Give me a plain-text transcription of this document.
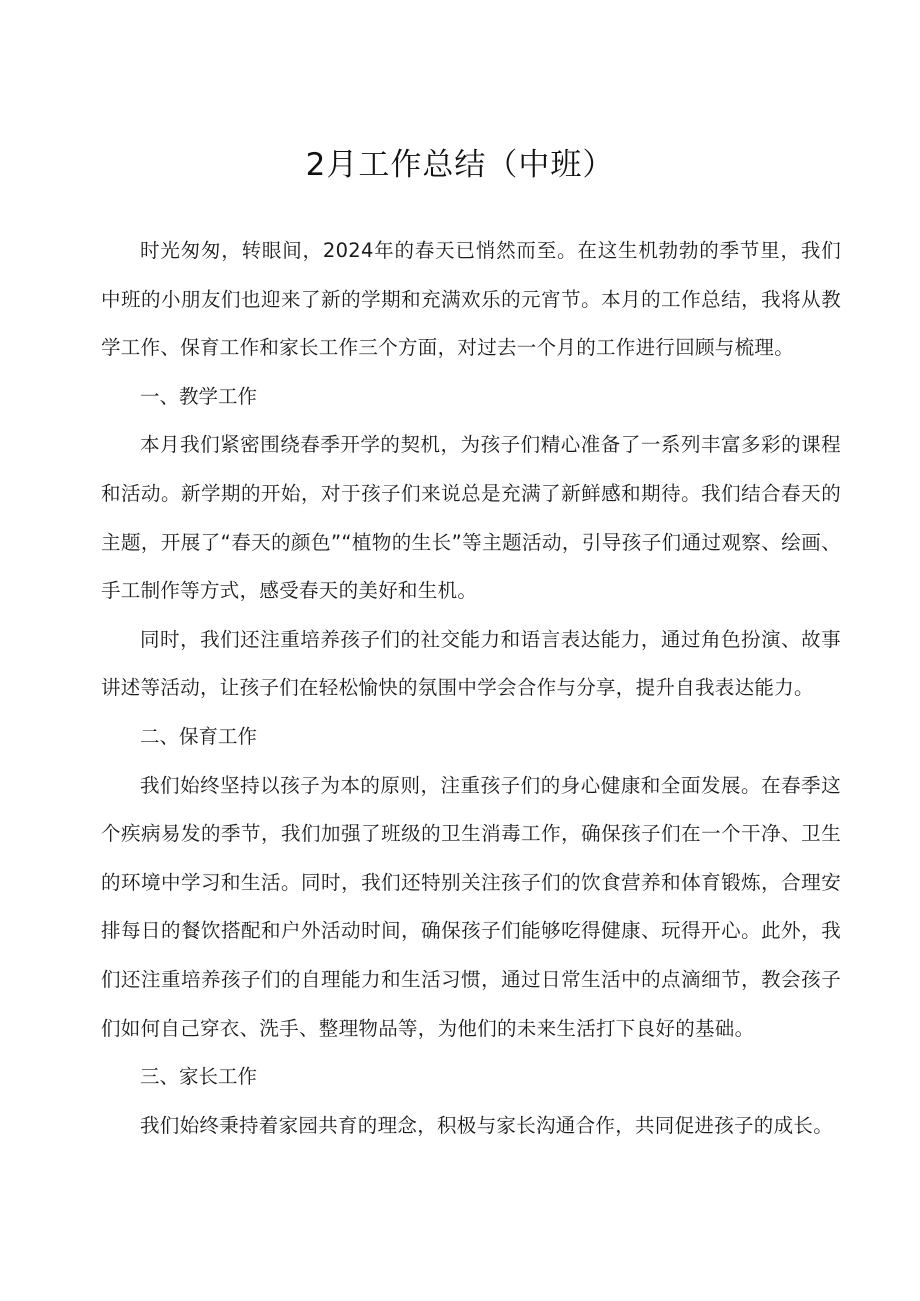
2月工作总结（中班）

时光匆匆，转眼间，2024年的春天已悄然而至。在这生机勃勃的季节里，我们中班的小朋友们也迎来了新的学期和充满欢乐的元宵节。本月的工作总结，我将从教学工作、保育工作和家长工作三个方面，对过去一个月的工作进行回顾与梳理。

一、教学工作

本月我们紧密围绕春季开学的契机，为孩子们精心准备了一系列丰富多彩的课程和活动。新学期的开始，对于孩子们来说总是充满了新鲜感和期待。我们结合春天的主题，开展了“春天的颜色”“植物的生长”等主题活动，引导孩子们通过观察、绘画、手工制作等方式，感受春天的美好和生机。

同时，我们还注重培养孩子们的社交能力和语言表达能力，通过角色扮演、故事讲述等活动，让孩子们在轻松愉快的氛围中学会合作与分享，提升自我表达能力。

二、保育工作

我们始终坚持以孩子为本的原则，注重孩子们的身心健康和全面发展。在春季这个疾病易发的季节，我们加强了班级的卫生消毒工作，确保孩子们在一个干净、卫生的环境中学习和生活。同时，我们还特别关注孩子们的饮食营养和体育锻炼，合理安排每日的餐饮搭配和户外活动时间，确保孩子们能够吃得健康、玩得开心。此外，我们还注重培养孩子们的自理能力和生活习惯，通过日常生活中的点滴细节，教会孩子们如何自己穿衣、洗手、整理物品等，为他们的未来生活打下良好的基础。

三、家长工作

我们始终秉持着家园共育的理念，积极与家长沟通合作，共同促进孩子的成长。
